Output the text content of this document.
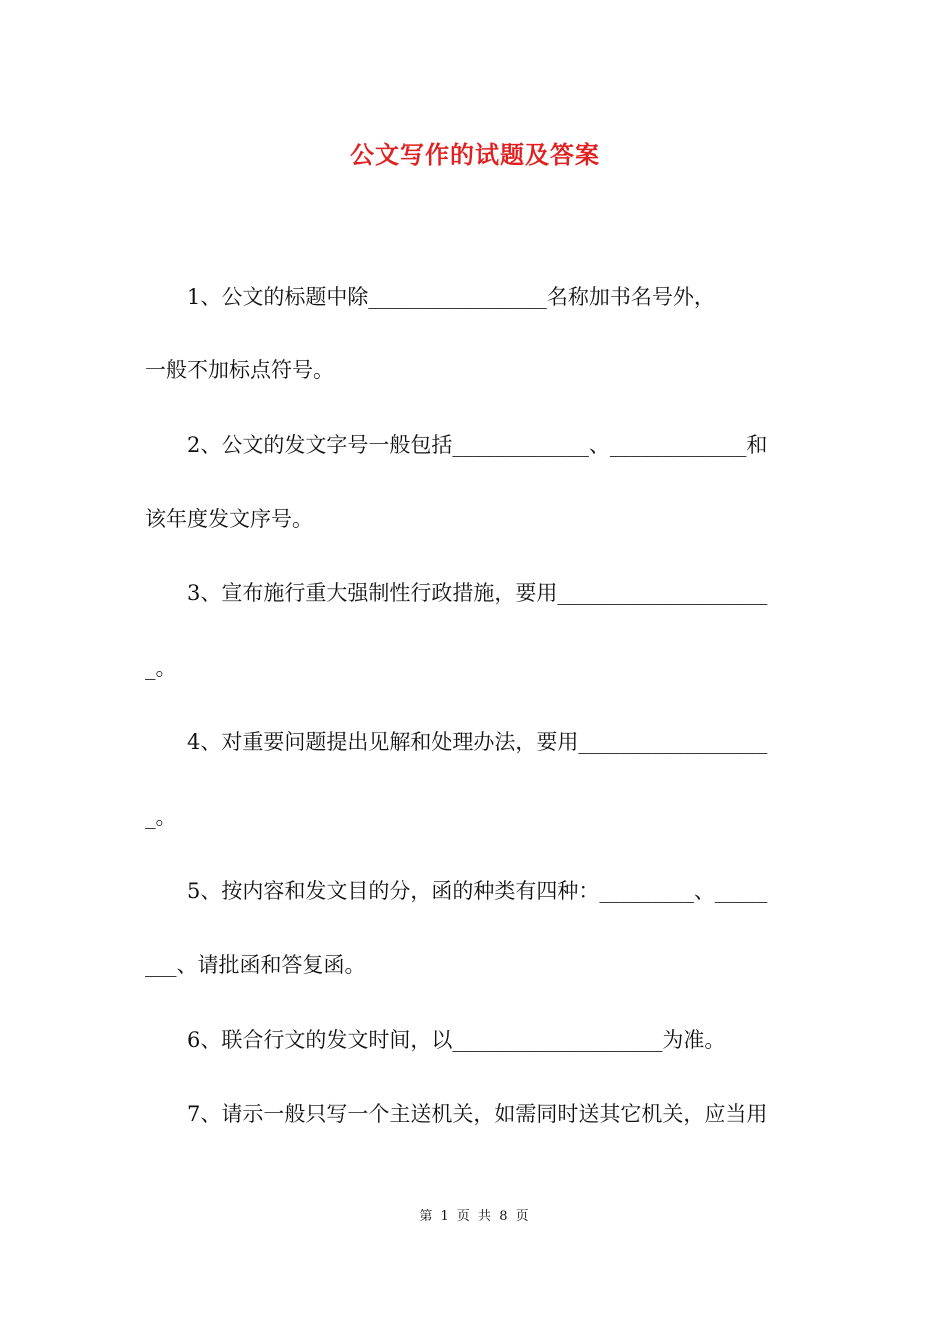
公文写作的试题及答案
　　1、公文的标题中除_________________名称加书名号外，
一般不加标点符号。
　　2、公文的发文字号一般包括_____________、_____________和
该年度发文序号。
　　3、宣布施行重大强制性行政措施，要用____________________
_。
　　4、对重要问题提出见解和处理办法，要用__________________
_。
　　5、按内容和发文目的分，函的种类有四种：_________、_____
___、请批函和答复函。
　　6、联合行文的发文时间，以____________________为准。
　　7、请示一般只写一个主送机关，如需同时送其它机关，应当用
第 1 页 共 8 页
